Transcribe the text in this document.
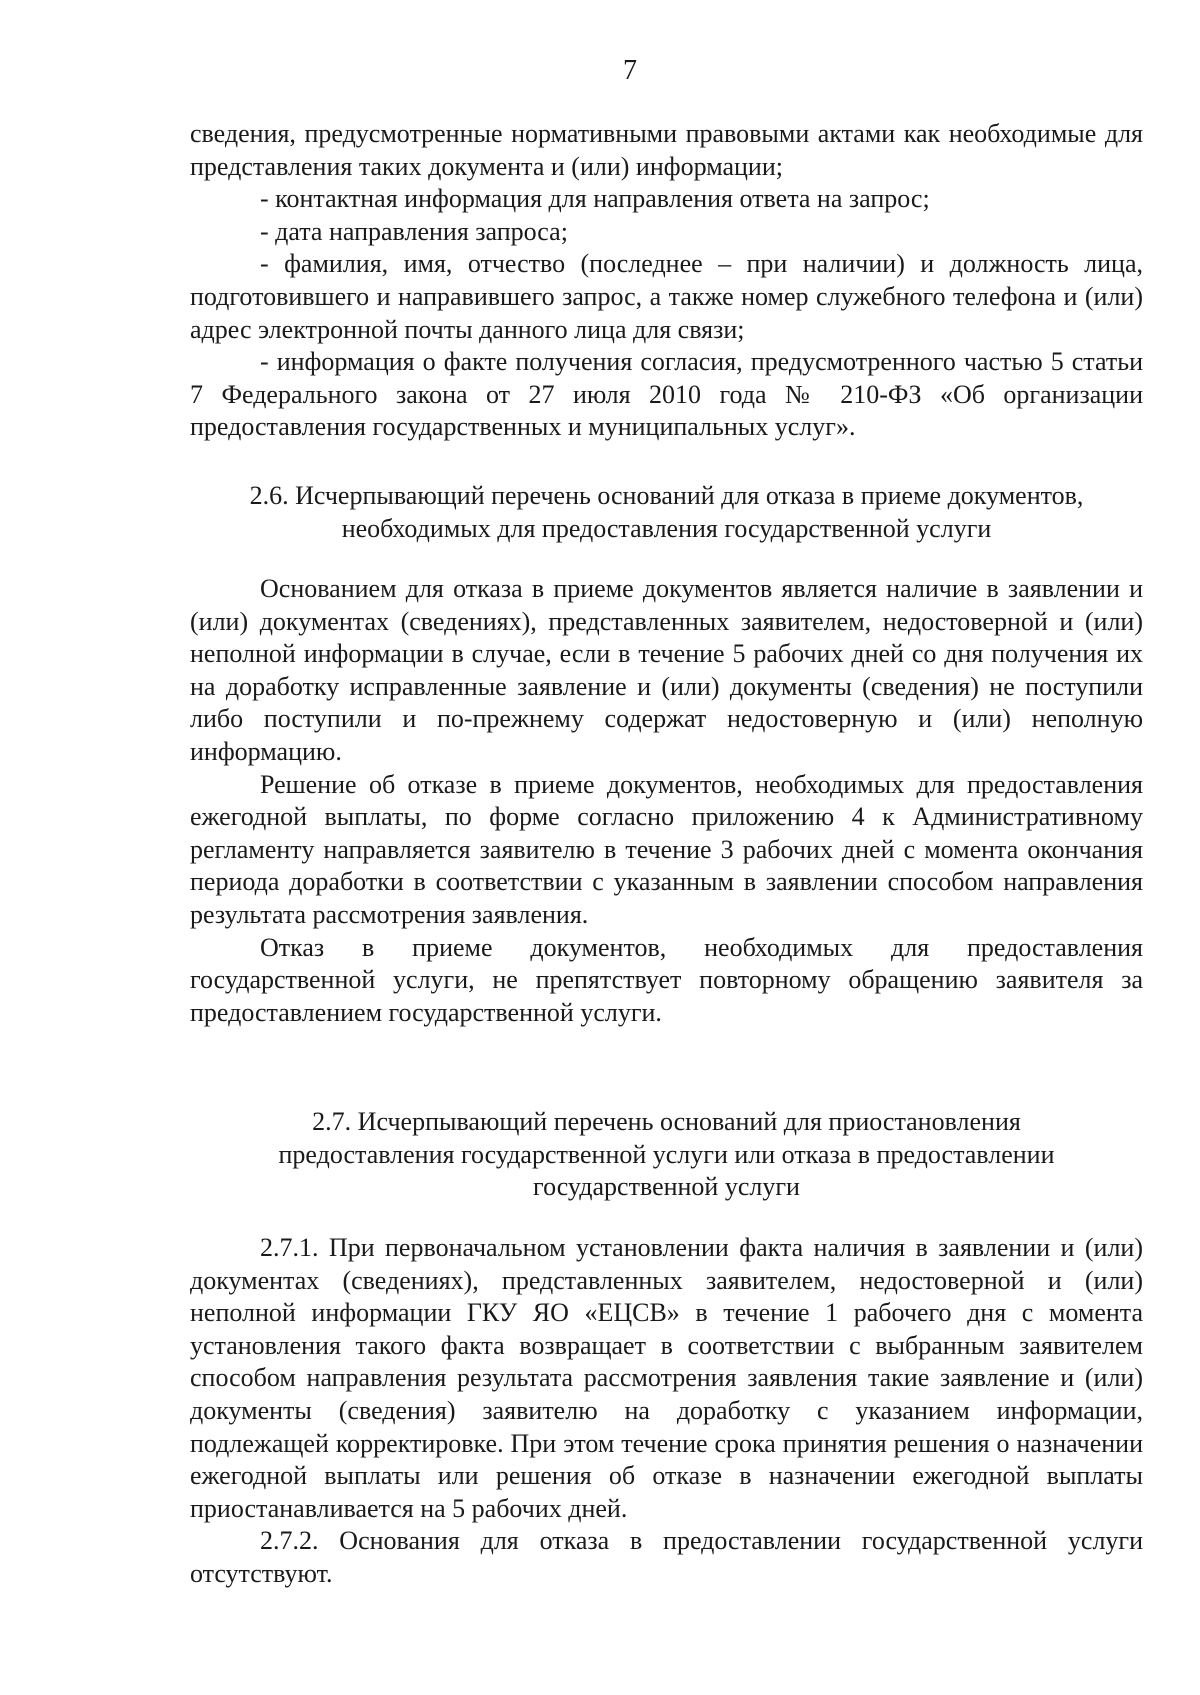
7

сведения, предусмотренные нормативными правовыми актами как необходимые для представления таких документа и (или) информации;

- контактная информация для направления ответа на запрос;

- дата направления запроса;

- фамилия, имя, отчество (последнее – при наличии) и должность лица, подготовившего и направившего запрос, а также номер служебного телефона и (или) адрес электронной почты данного лица для связи;

- информация о факте получения согласия, предусмотренного частью 5 статьи 7 Федерального закона от 27 июля 2010 года № 210-ФЗ «Об организации предоставления государственных и муниципальных услуг».

2.6. Исчерпывающий перечень оснований для отказа в приеме документов,

необходимых для предоставления государственной услуги

Основанием для отказа в приеме документов является наличие в заявлении и (или) документах (сведениях), представленных заявителем, недостоверной и (или) неполной информации в случае, если в течение 5 рабочих дней со дня получения их на доработку исправленные заявление и (или) документы (сведения) не поступили либо поступили и по-прежнему содержат недостоверную и (или) неполную информацию.

Решение об отказе в приеме документов, необходимых для предоставления ежегодной выплаты, по форме согласно приложению 4 к Административному регламенту направляется заявителю в течение 3 рабочих дней с момента окончания периода доработки в соответствии с указанным в заявлении способом направления результата рассмотрения заявления.

Отказ в приеме документов, необходимых для предоставления государственной услуги, не препятствует повторному обращению заявителя за предоставлением государственной услуги.

2.7. Исчерпывающий перечень оснований для приостановления

предоставления государственной услуги или отказа в предоставлении

государственной услуги

2.7.1. При первоначальном установлении факта наличия в заявлении и (или) документах (сведениях), представленных заявителем, недостоверной и (или) неполной информации ГКУ ЯО «ЕЦСВ» в течение 1 рабочего дня с момента установления такого факта возвращает в соответствии с выбранным заявителем способом направления результата рассмотрения заявления такие заявление и (или) документы (сведения) заявителю на доработку с указанием информации, подлежащей корректировке. При этом течение срока принятия решения о назначении ежегодной выплаты или решения об отказе в назначении ежегодной выплаты приостанавливается на 5 рабочих дней.

2.7.2. Основания для отказа в предоставлении государственной услуги отсутствуют.
